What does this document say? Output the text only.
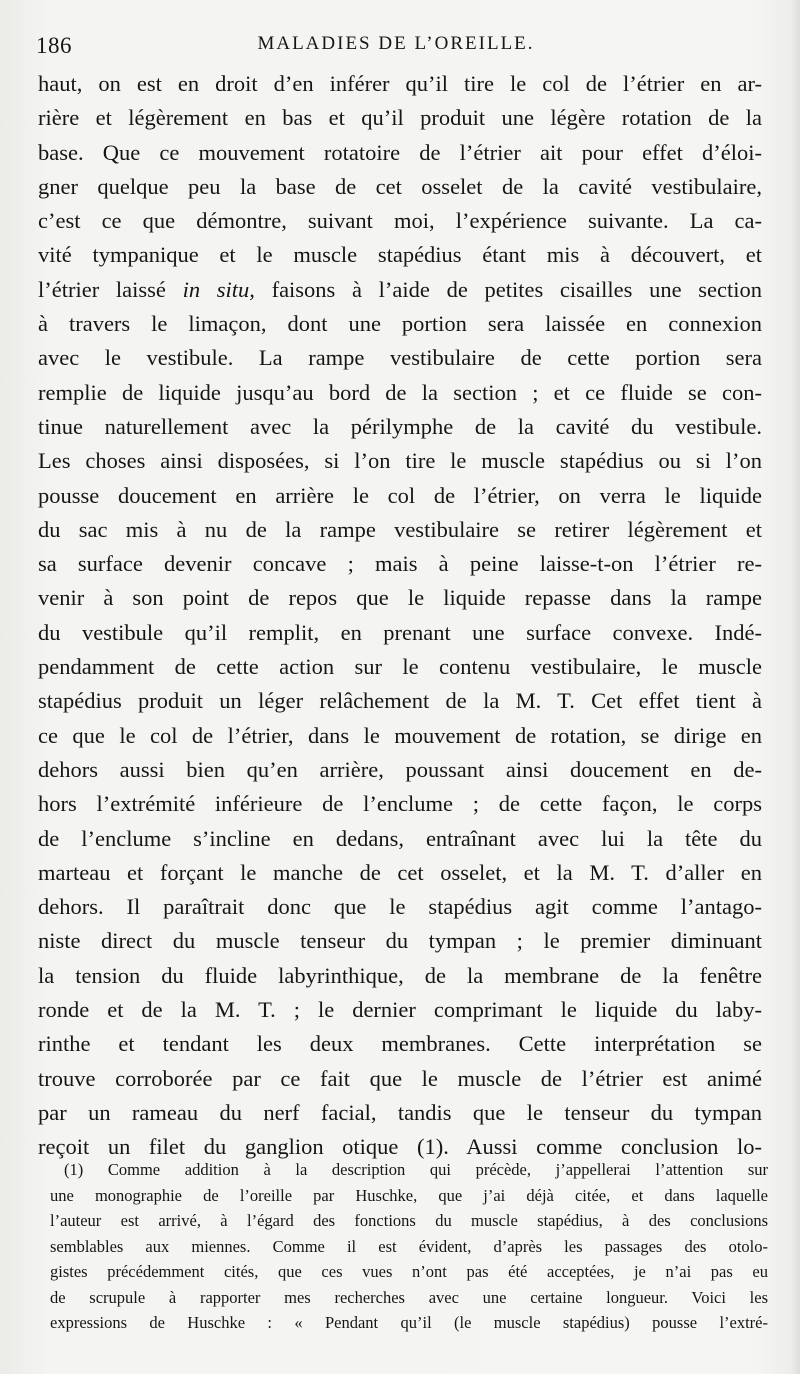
186	MALADIES DE L’OREILLE.
haut, on est en droit d’en inférer qu’il tire le col de l’étrier en ar-
rière et légèrement en bas et qu’il produit une légère rotation de la
base. Que ce mouvement rotatoire de l’étrier ait pour effet d’éloi-
gner quelque peu la base de cet osselet de la cavité vestibulaire,
c’est ce que démontre, suivant moi, l’expérience suivante. La ca-
vité tympanique et le muscle stapédius étant mis à découvert, et
l’étrier laissé in situ, faisons à l’aide de petites cisailles une section
à travers le limaçon, dont une portion sera laissée en connexion
avec le vestibule. La rampe vestibulaire de cette portion sera
remplie de liquide jusqu’au bord de la section ; et ce fluide se con-
tinue naturellement avec la périlymphe de la cavité du vestibule.
Les choses ainsi disposées, si l’on tire le muscle stapédius ou si l’on
pousse doucement en arrière le col de l’étrier, on verra le liquide
du sac mis à nu de la rampe vestibulaire se retirer légèrement et
sa surface devenir concave ; mais à peine laisse-t-on l’étrier re-
venir à son point de repos que le liquide repasse dans la rampe
du vestibule qu’il remplit, en prenant une surface convexe. Indé-
pendamment de cette action sur le contenu vestibulaire, le muscle
stapédius produit un léger relâchement de la M. T. Cet effet tient à
ce que le col de l’étrier, dans le mouvement de rotation, se dirige en
dehors aussi bien qu’en arrière, poussant ainsi doucement en de-
hors l’extrémité inférieure de l’enclume ; de cette façon, le corps
de l’enclume s’incline en dedans, entraînant avec lui la tête du
marteau et forçant le manche de cet osselet, et la M. T. d’aller en
dehors. Il paraîtrait donc que le stapédius agit comme l’antago-
niste direct du muscle tenseur du tympan ; le premier diminuant
la tension du fluide labyrinthique, de la membrane de la fenêtre
ronde et de la M. T. ; le dernier comprimant le liquide du laby-
rinthe et tendant les deux membranes. Cette interprétation se
trouve corroborée par ce fait que le muscle de l’étrier est animé
par un rameau du nerf facial, tandis que le tenseur du tympan
reçoit un filet du ganglion otique (1). Aussi comme conclusion lo-
(1) Comme addition à la description qui précède, j’appellerai l’attention sur
une monographie de l’oreille par Huschke, que j’ai déjà citée, et dans laquelle
l’auteur est arrivé, à l’égard des fonctions du muscle stapédius, à des conclusions
semblables aux miennes. Comme il est évident, d’après les passages des otolo-
gistes précédemment cités, que ces vues n’ont pas été acceptées, je n’ai pas eu
de scrupule à rapporter mes recherches avec une certaine longueur. Voici les
expressions de Huschke : « Pendant qu’il (le muscle stapédius) pousse l’extré-
